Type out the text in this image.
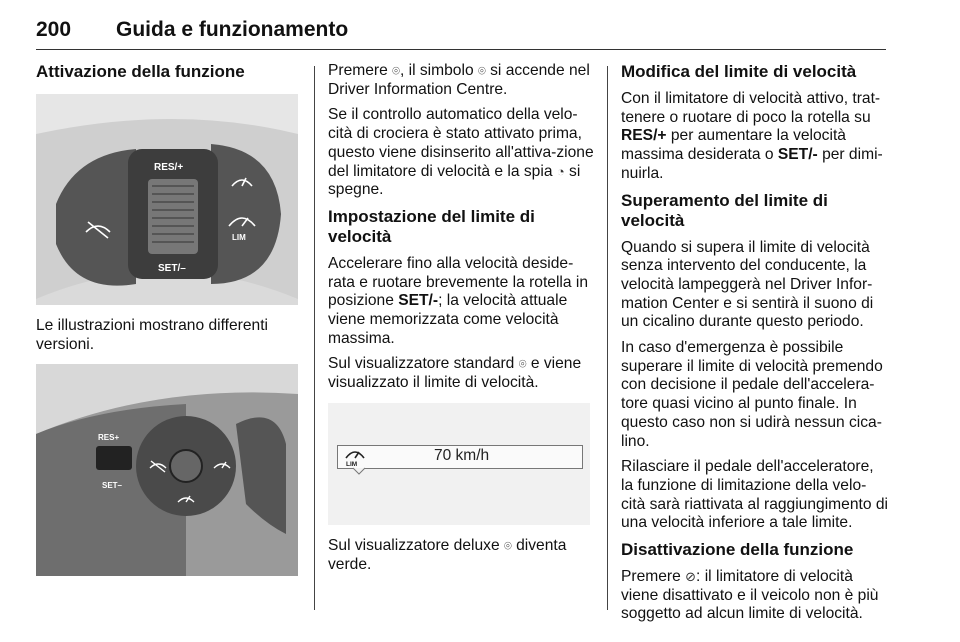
200 Guida e funzionamento
Attivazione della funzione
RES/+
SET/–
LIM

Le illustrazioni mostrano differenti versioni.

RES+
SET–

Premere ⌾, il simbolo ⌾ si accende nel Driver Information Centre.

Se il controllo automatico della velo-cità di crociera è stato attivato prima, questo viene disinserito all'attiva-zione del limitatore di velocità e la spia ◔ si spegne.

Impostazione del limite di velocità

Accelerare fino alla velocità deside-rata e ruotare brevemente la rotella in posizione SET/-; la velocità attuale viene memorizzata come velocità massima.

Sul visualizzatore standard ⌾ e viene visualizzato il limite di velocità.

LIM
70 km/h

Sul visualizzatore deluxe ⌾ diventa verde.

Modifica del limite di velocità

Con il limitatore di velocità attivo, trat-tenere o ruotare di poco la rotella su RES/+ per aumentare la velocità massima desiderata o SET/- per dimi-nuirla.

Superamento del limite di velocità

Quando si supera il limite di velocità senza intervento del conducente, la velocità lampeggerà nel Driver Infor-mation Center e si sentirà il suono di un cicalino durante questo periodo.

In caso d'emergenza è possibile superare il limite di velocità premendo con decisione il pedale dell'accelera-tore quasi vicino al punto finale. In questo caso non si udirà nessun cica-lino.

Rilasciare il pedale dell'acceleratore, la funzione di limitazione della velo-cità sarà riattivata al raggiungimento di una velocità inferiore a tale limite.

Disattivazione della funzione

Premere ⊘: il limitatore di velocità viene disattivato e il veicolo non è più soggetto ad alcun limite di velocità.
